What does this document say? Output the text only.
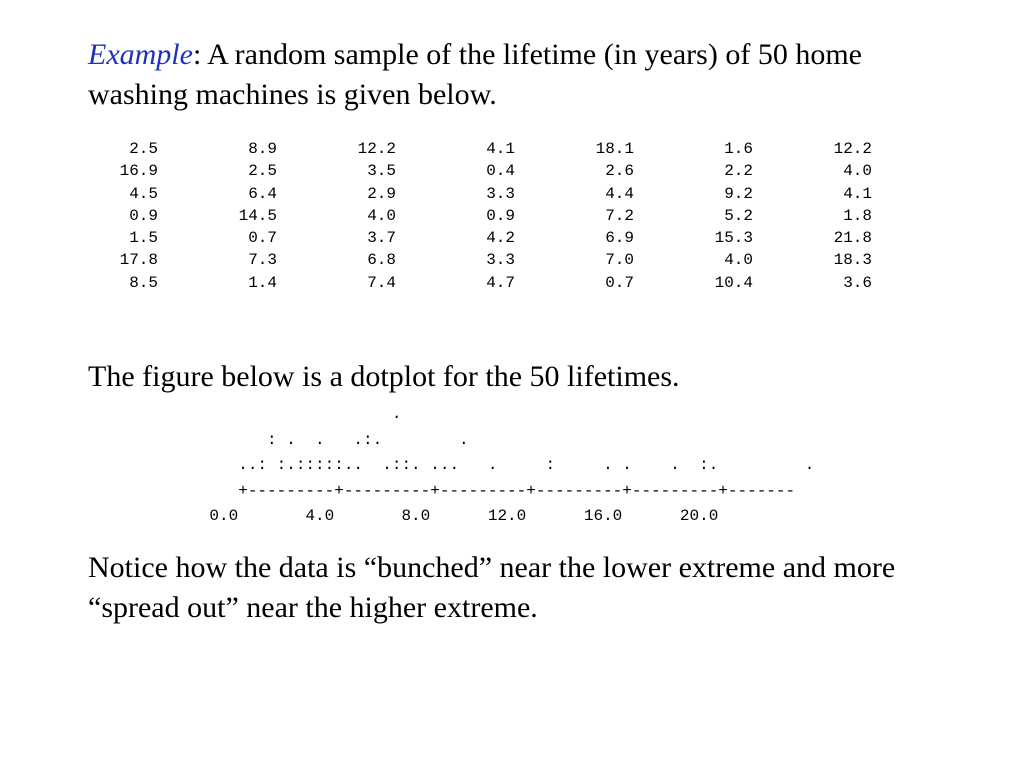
Example: A random sample of the lifetime (in years) of 50 home washing machines is given below.

2.5	8.9	12.2	4.1	18.1	1.6	12.2
16.9	2.5	3.5	0.4	2.6	2.2	4.0
4.5	6.4	2.9	3.3	4.4	9.2	4.1
0.9	14.5	4.0	0.9	7.2	5.2	1.8
1.5	0.7	3.7	4.2	6.9	15.3	21.8
17.8	7.3	6.8	3.3	7.0	4.0	18.3
8.5	1.4	7.4	4.7	0.7	10.4	3.6

The figure below is a dotplot for the 50 lifetimes.

.
: .  .   .:.        .
..: :.:::::..  .::. ...   .     :     . .    .  :.         .
+---------+---------+---------+---------+---------+-------
0.0       4.0       8.0      12.0      16.0      20.0

Notice how the data is “bunched” near the lower extreme and more “spread out” near the higher extreme.
